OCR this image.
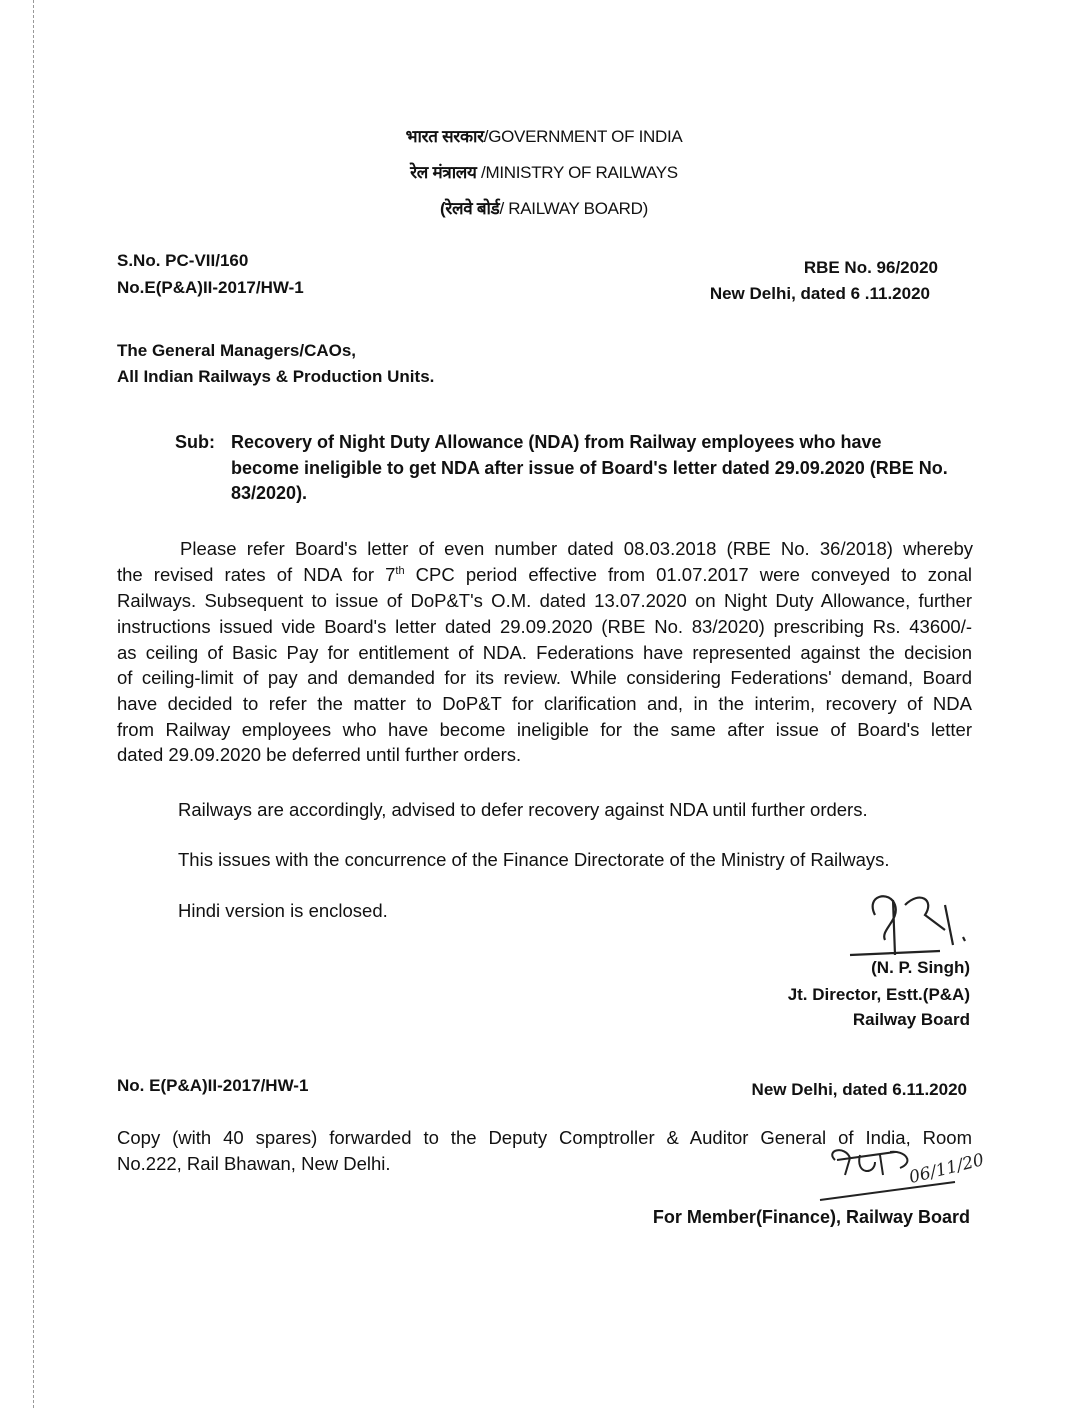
भारत सरकार/GOVERNMENT OF INDIA
रेल मंत्रालय /MINISTRY OF RAILWAYS
(रेलवे बोर्ड/ RAILWAY BOARD)
S.No. PC-VII/160
No.E(P&A)II-2017/HW-1
RBE No. 96/2020
New Delhi, dated 6 .11.2020
The General Managers/CAOs,
All Indian Railways & Production Units.
Sub: Recovery of Night Duty Allowance (NDA) from Railway employees who have
become ineligible to get NDA after issue of Board's letter dated 29.09.2020 (RBE No.
83/2020).
Please refer Board's letter of even number dated 08.03.2018 (RBE No. 36/2018) whereby
the revised rates of NDA for 7th CPC period effective from 01.07.2017 were conveyed to zonal
Railways. Subsequent to issue of DoP&T's O.M. dated 13.07.2020 on Night Duty Allowance, further
instructions issued vide Board's letter dated 29.09.2020 (RBE No. 83/2020) prescribing Rs. 43600/-
as ceiling of Basic Pay for entitlement of NDA. Federations have represented against the decision
of ceiling-limit of pay and demanded for its review. While considering Federations' demand, Board
have decided to refer the matter to DoP&T for clarification and, in the interim, recovery of NDA
from Railway employees who have become ineligible for the same after issue of Board's letter
dated 29.09.2020 be deferred until further orders.
Railways are accordingly, advised to defer recovery against NDA until further orders.
This issues with the concurrence of the Finance Directorate of the Ministry of Railways.
Hindi version is enclosed.
(N. P. Singh)
Jt. Director, Estt.(P&A)
Railway Board
No. E(P&A)II-2017/HW-1	New Delhi, dated 6.11.2020
Copy (with 40 spares) forwarded to the Deputy Comptroller & Auditor General of India, Room
No.222, Rail Bhawan, New Delhi.	06/11/20
For Member(Finance), Railway Board
